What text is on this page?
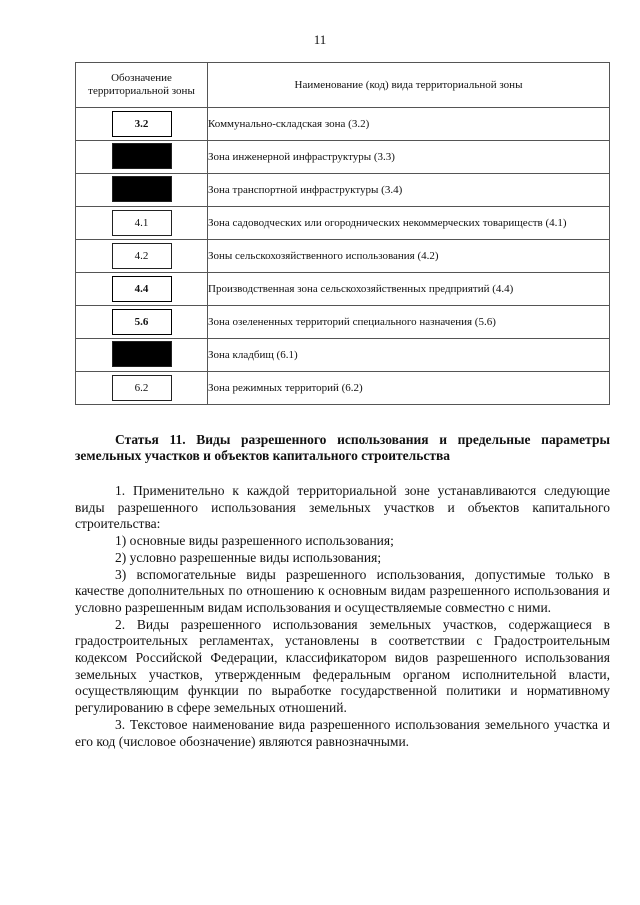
11
Обозначение территориальной зоны	Наименование (код) вида территориальной зоны
3.2	Коммунально-складская зона (3.2)
	Зона инженерной инфраструктуры (3.3)
	Зона транспортной инфраструктуры (3.4)
4.1	Зона садоводческих или огороднических некоммерческих товариществ (4.1)
4.2	Зоны сельскохозяйственного использования (4.2)
4.4	Производственная зона сельскохозяйственных предприятий (4.4)
5.6	Зона озелененных территорий специального назначения (5.6)
	Зона кладбищ (6.1)
6.2	Зона режимных территорий (6.2)
Статья 11. Виды разрешенного использования и предельные параметры земельных участков и объектов капитального строительства

1. Применительно к каждой территориальной зоне устанавливаются следующие виды разрешенного использования земельных участков и объектов капитального строительства:

1) основные виды разрешенного использования;

2) условно разрешенные виды использования;

3) вспомогательные виды разрешенного использования, допустимые только в качестве дополнительных по отношению к основным видам разрешенного использования и условно разрешенным видам использования и осуществляемые совместно с ними.

2. Виды разрешенного использования земельных участков, содержащиеся в градостроительных регламентах, установлены в соответствии с Градостроительным кодексом Российской Федерации, классификатором видов разрешенного использования земельных участков, утвержденным федеральным органом исполнительной власти, осуществляющим функции по выработке государственной политики и нормативному регулированию в сфере земельных отношений.

3. Текстовое наименование вида разрешенного использования земельного участка и его код (числовое обозначение) являются равнозначными.
